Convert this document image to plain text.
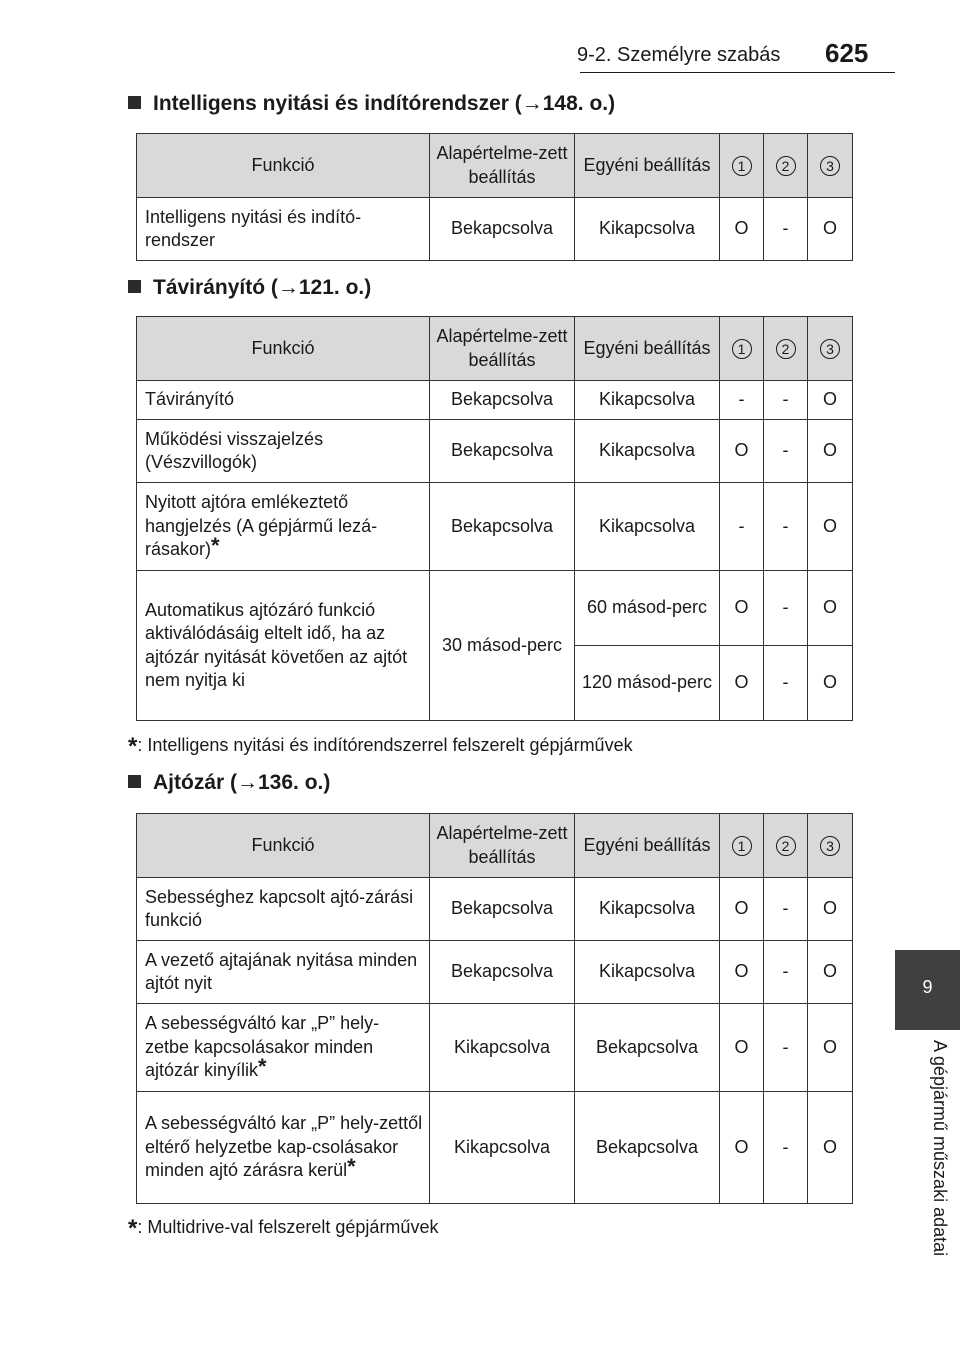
9-2. Személyre szabás 625
9
A gépjármű műszaki adatai
Intelligens nyitási és indítórendszer (→148. o.)
Funkció	Alapértelme-zett beállítás	Egyéni beállítás	1	2	3
Intelligens nyitási és indító-rendszer	Bekapcsolva	Kikapcsolva	O	-	O
Távirányító (→121. o.)
Funkció	Alapértelme-zett beállítás	Egyéni beállítás	1	2	3
Távirányító	Bekapcsolva	Kikapcsolva	-	-	O
Működési visszajelzés (Vészvillogók)	Bekapcsolva	Kikapcsolva	O	-	O
Nyitott ajtóra emlékeztető hangjelzés (A gépjármű lezá-rásakor)*	Bekapcsolva	Kikapcsolva	-	-	O
Automatikus ajtózáró funkció aktiválódásáig eltelt idő, ha az ajtózár nyitását követően az ajtót nem nyitja ki	30 másod-perc	60 másod-perc	O	-	O
		120 másod-perc	O	-	O
*: Intelligens nyitási és indítórendszerrel felszerelt gépjárművek
Ajtózár (→136. o.)
Funkció	Alapértelme-zett beállítás	Egyéni beállítás	1	2	3
Sebességhez kapcsolt ajtó-zárási funkció	Bekapcsolva	Kikapcsolva	O	-	O
A vezető ajtajának nyitása minden ajtót nyit	Bekapcsolva	Kikapcsolva	O	-	O
A sebességváltó kar „P” hely-zetbe kapcsolásakor minden ajtózár kinyílik*	Kikapcsolva	Bekapcsolva	O	-	O
A sebességváltó kar „P” hely-zettől eltérő helyzetbe kap-csolásakor minden ajtó zárásra kerül*	Kikapcsolva	Bekapcsolva	O	-	O
*: Multidrive-val felszerelt gépjárművek
